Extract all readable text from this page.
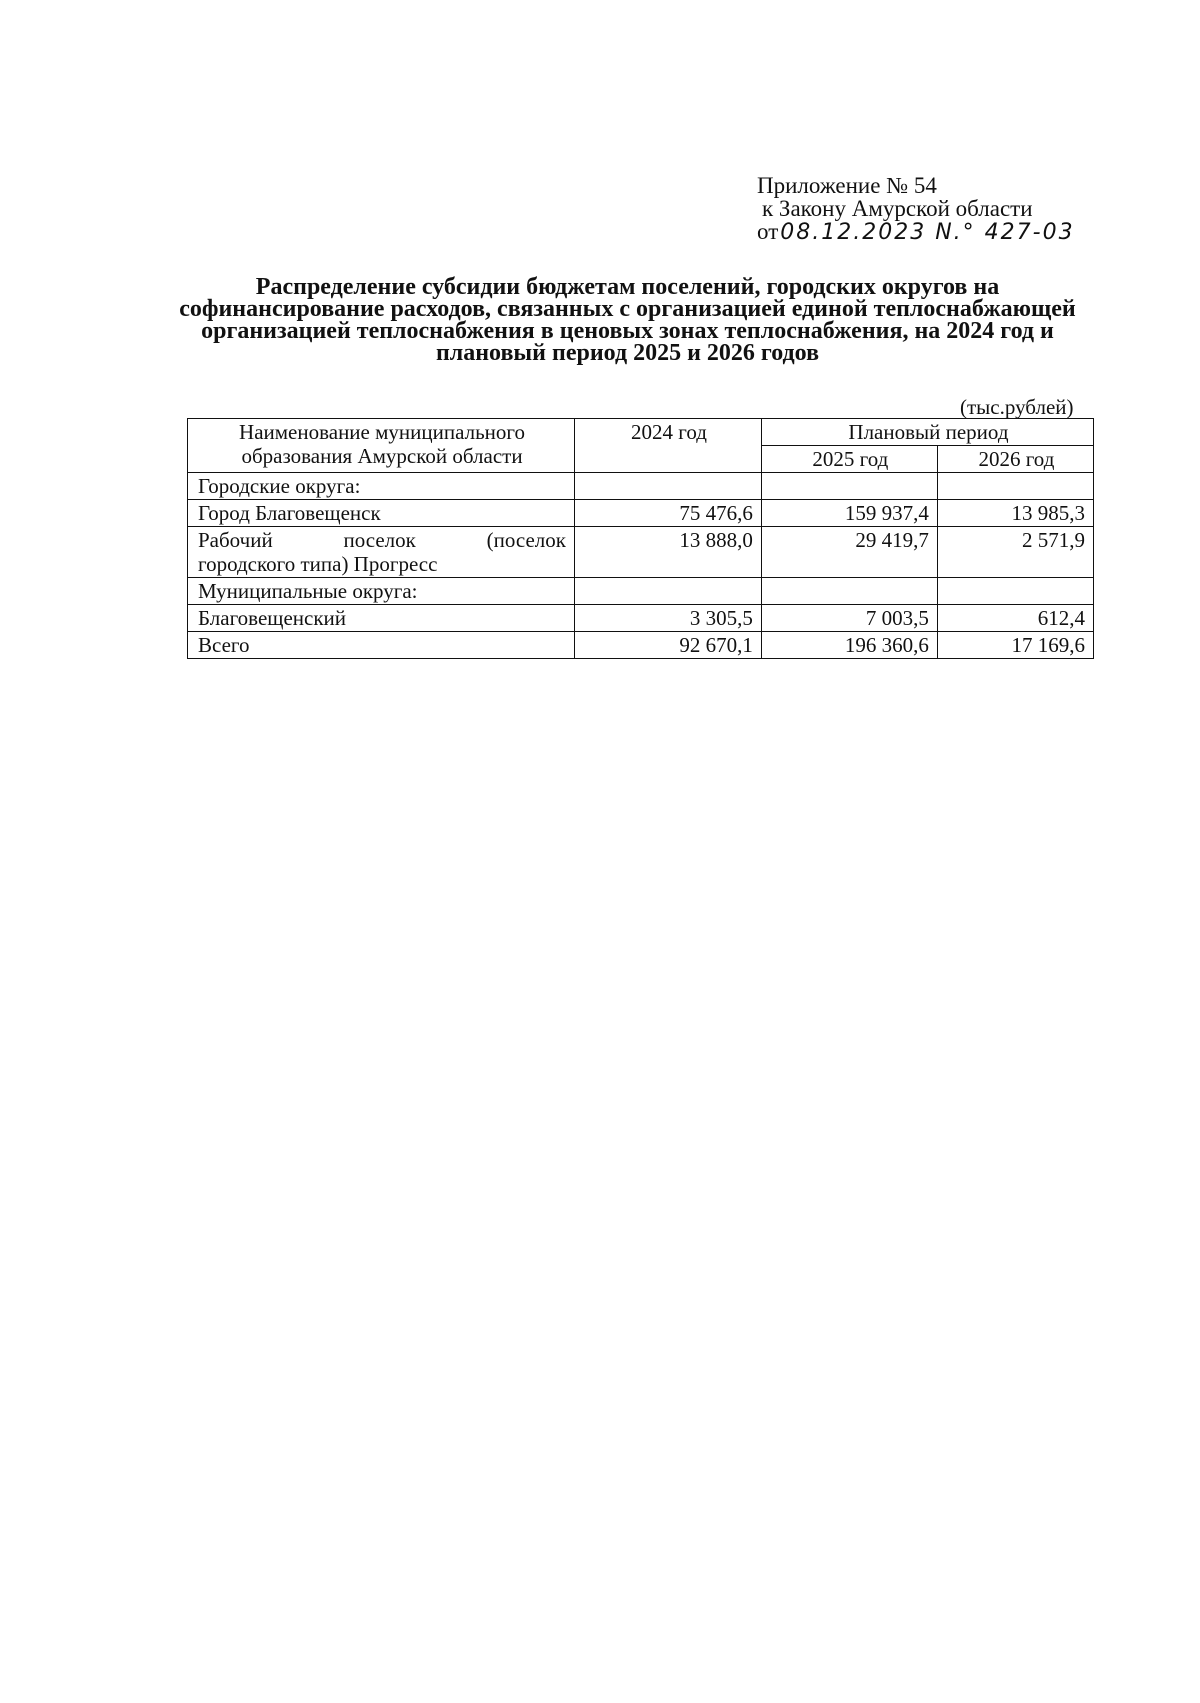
Приложение № 54
к Закону Амурской области
от08.12.2023 N.° 427-03
Распределение субсидии бюджетам поселений, городских округов на софинансирование расходов, связанных с организацией единой теплоснабжающей организацией теплоснабжения в ценовых зонах теплоснабжения, на 2024 год и плановый период 2025 и 2026 годов
(тыс.рублей)
Наименование муниципального образования Амурской области	2024 год	Плановый период	
		2025 год	2026 год
Городские округа:			
Город Благовещенск	75 476,6	159 937,4	13 985,3

Рабочий поселок (поселок
городского типа) Прогресс	13 888,0	29 419,7	2 571,9
Муниципальные округа:			
Благовещенский	3 305,5	7 003,5	612,4
Всего	92 670,1	196 360,6	17 169,6
